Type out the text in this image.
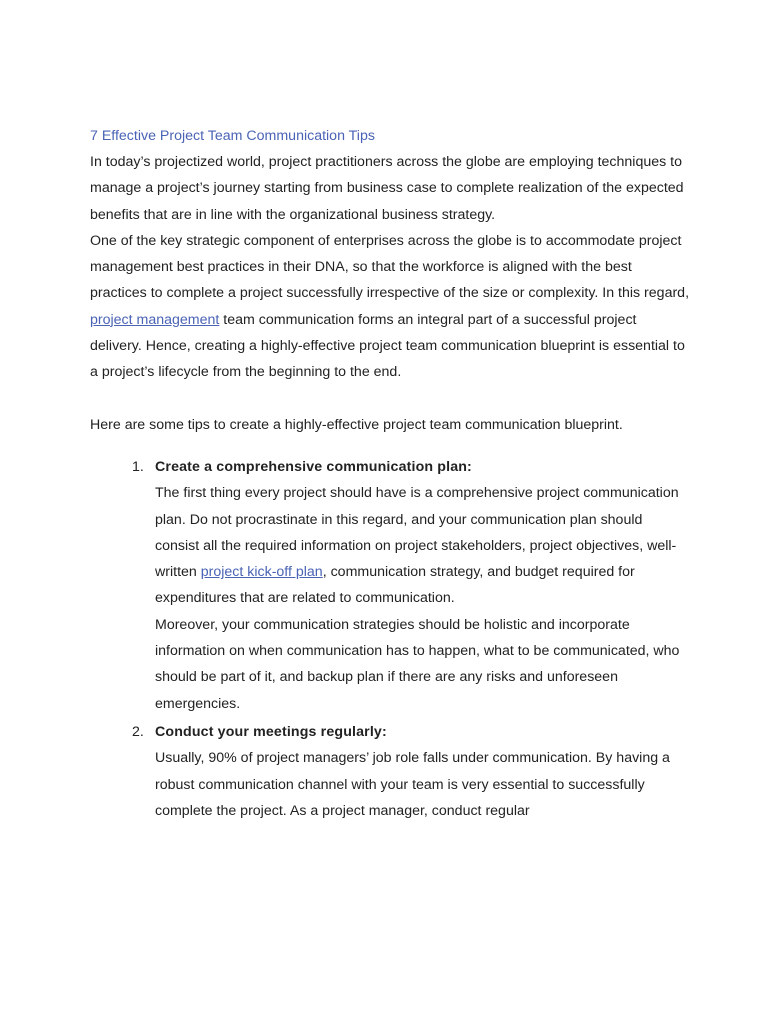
7 Effective Project Team Communication Tips

In today’s projectized world, project practitioners across the globe are employing techniques to manage a project’s journey starting from business case to complete realization of the expected benefits that are in line with the organizational business strategy.

One of the key strategic component of enterprises across the globe is to accommodate project management best practices in their DNA, so that the workforce is aligned with the best practices to complete a project successfully irrespective of the size or complexity. In this regard, project management team communication forms an integral part of a successful project delivery. Hence, creating a highly-effective project team communication blueprint is essential to a project’s lifecycle from the beginning to the end.

Here are some tips to create a highly-effective project team communication blueprint.

1. Create a comprehensive communication plan:

The first thing every project should have is a comprehensive project communication plan. Do not procrastinate in this regard, and your communication plan should consist all the required information on project stakeholders, project objectives, well-written project kick-off plan, communication strategy, and budget required for expenditures that are related to communication.

Moreover, your communication strategies should be holistic and incorporate information on when communication has to happen, what to be communicated, who should be part of it, and backup plan if there are any risks and unforeseen emergencies.

2. Conduct your meetings regularly:

Usually, 90% of project managers’ job role falls under communication. By having a robust communication channel with your team is very essential to successfully complete the project. As a project manager, conduct regular
